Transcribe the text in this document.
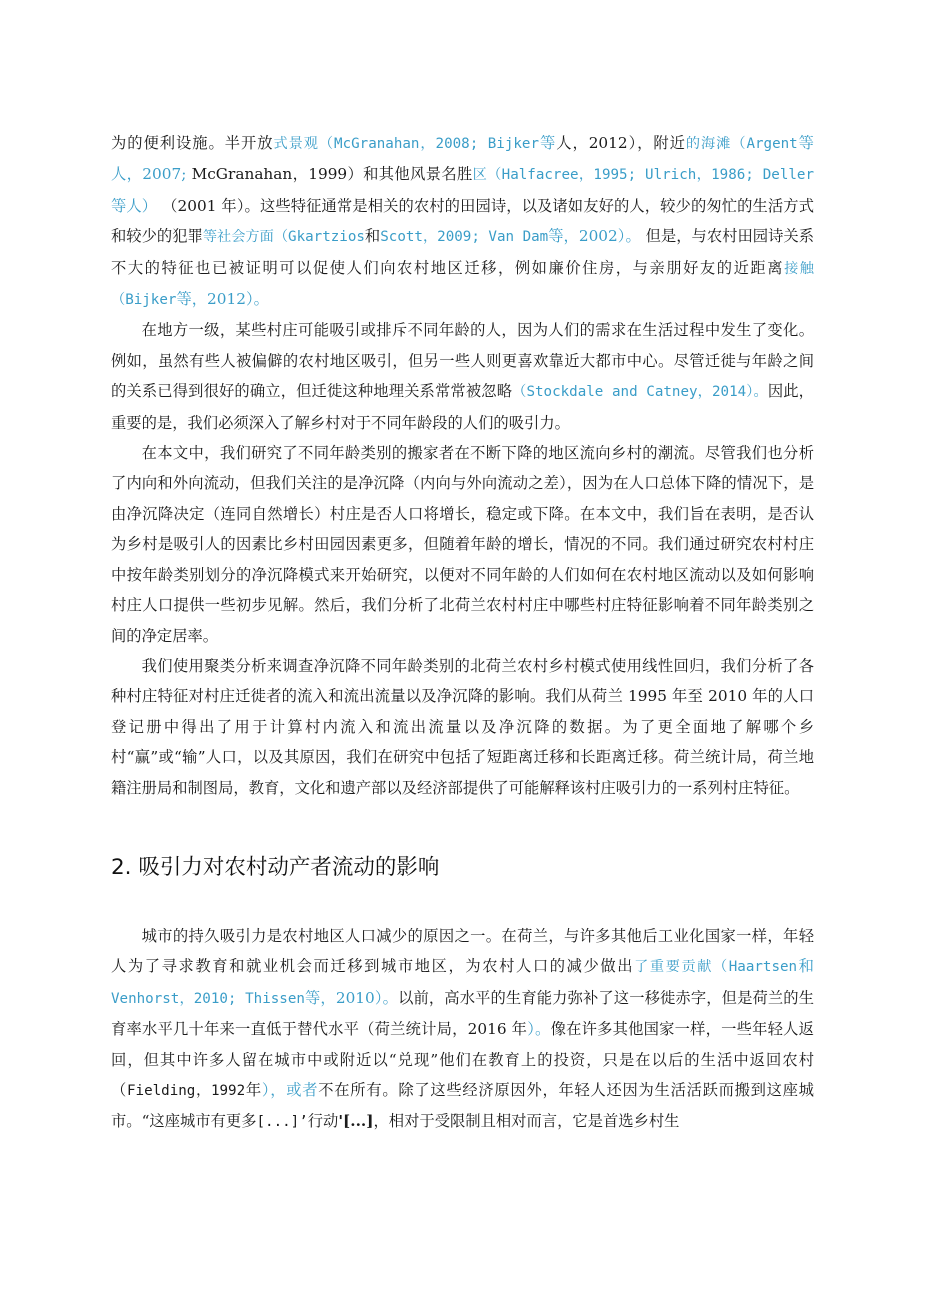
为的便利设施。半开放式景观（McGranahan，2008; Bijker等人，2012），附近的海滩（Argent等人，2007; McGranahan，1999）和其他风景名胜区（Halfacree，1995; Ulrich，1986; Deller等人） （2001 年）。这些特征通常是相关的农村的田园诗，以及诸如友好的人，较少的匆忙的生活方式和较少的犯罪等社会方面（Gkartzios和Scott，2009; Van Dam等，2002）。 但是，与农村田园诗关系不大的特征也已被证明可以促使人们向农村地区迁移，例如廉价住房，与亲朋好友的近距离接触（Bijker等，2012）。

在地方一级，某些村庄可能吸引或排斥不同年龄的人，因为人们的需求在生活过程中发生了变化。例如，虽然有些人被偏僻的农村地区吸引，但另一些人则更喜欢靠近大都市中心。尽管迁徙与年龄之间的关系已得到很好的确立，但迁徙这种地理关系常常被忽略（Stockdale and Catney，2014）。因此，重要的是，我们必须深入了解乡村对于不同年龄段的人们的吸引力。

在本文中，我们研究了不同年龄类别的搬家者在不断下降的地区流向乡村的潮流。尽管我们也分析了内向和外向流动，但我们关注的是净沉降（内向与外向流动之差），因为在人口总体下降的情况下，是由净沉降决定（连同自然增长）村庄是否人口将增长，稳定或下降。在本文中，我们旨在表明，是否认为乡村是吸引人的因素比乡村田园因素更多，但随着年龄的增长，情况的不同。我们通过研究农村村庄中按年龄类别划分的净沉降模式来开始研究，以便对不同年龄的人们如何在农村地区流动以及如何影响村庄人口提供一些初步见解。然后，我们分析了北荷兰农村村庄中哪些村庄特征影响着不同年龄类别之间的净定居率。

我们使用聚类分析来调查净沉降不同年龄类别的北荷兰农村乡村模式使用线性回归，我们分析了各种村庄特征对村庄迁徙者的流入和流出流量以及净沉降的影响。我们从荷兰 1995 年至 2010 年的人口登记册中得出了用于计算村内流入和流出流量以及净沉降的数据。为了更全面地了解哪个乡村“赢”或“输”人口，以及其原因，我们在研究中包括了短距离迁移和长距离迁移。荷兰统计局，荷兰地籍注册局和制图局，教育，文化和遗产部以及经济部提供了可能解释该村庄吸引力的一系列村庄特征。

2. 吸引力对农村动产者流动的影响

城市的持久吸引力是农村地区人口减少的原因之一。在荷兰，与许多其他后工业化国家一样，年轻人为了寻求教育和就业机会而迁移到城市地区，为农村人口的减少做出了重要贡献（Haartsen和Venhorst，2010; Thissen等，2010）。以前，高水平的生育能力弥补了这一移徙赤字，但是荷兰的生育率水平几十年来一直低于替代水平（荷兰统计局，2016 年）。像在许多其他国家一样，一些年轻人返回，但其中许多人留在城市中或附近以“兑现”他们在教育上的投资，只是在以后的生活中返回农村（Fielding，1992年），或者不在所有。除了这些经济原因外，年轻人还因为生活活跃而搬到这座城市。“这座城市有更多[...]’行动'[...]，相对于受限制且相对而言，它是首选乡村生
